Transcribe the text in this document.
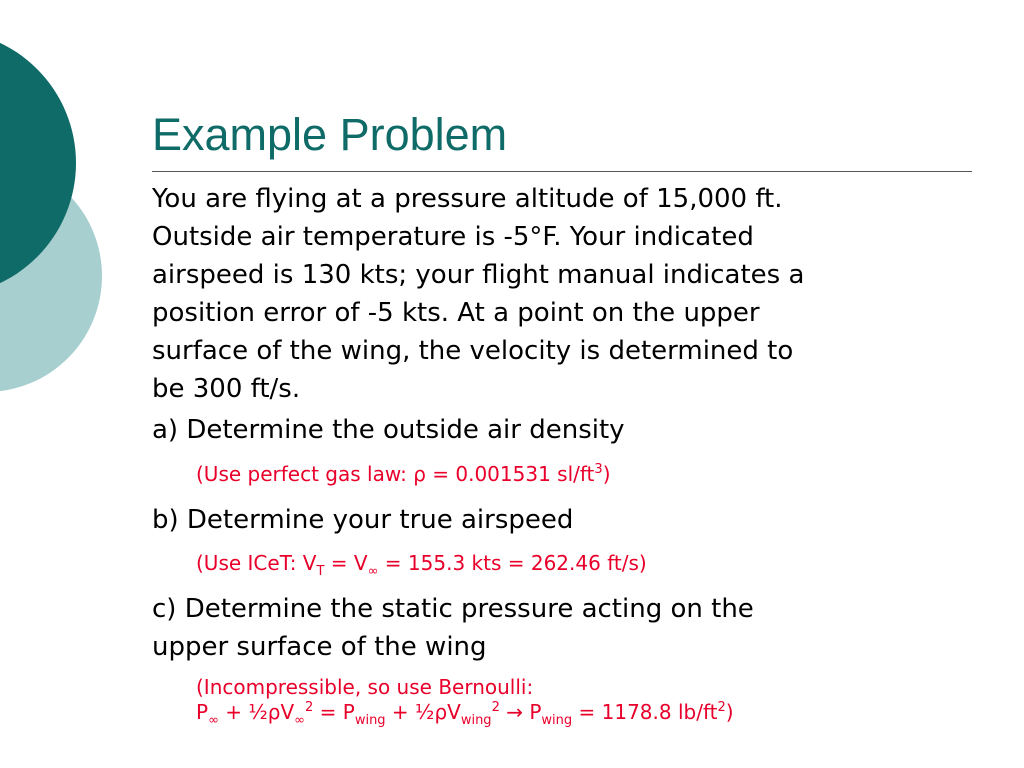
Example Problem
You are flying at a pressure altitude of 15,000 ft.
Outside air temperature is -5°F. Your indicated
airspeed is 130 kts; your flight manual indicates a
position error of -5 kts. At a point on the upper
surface of the wing, the velocity is determined to
be 300 ft/s.
a) Determine the outside air density
(Use perfect gas law: ρ = 0.001531 $sl/ft^3$)
b) Determine your true airspeed
(Use ICeT: $V_T = V_\infty = 155.3$ kts = 262.46 ft/s)
c) Determine the static pressure acting on the
upper surface of the wing
(Incompressible, so use Bernoulli:
$P_\infty$ + $\frac{1}{2}\rho V_\infty^2 = P_{wing}$ + $\frac{1}{2}\rho V_{wing}^2 \to P_{wing} = 1178.8$ $lb/ft^2$)
